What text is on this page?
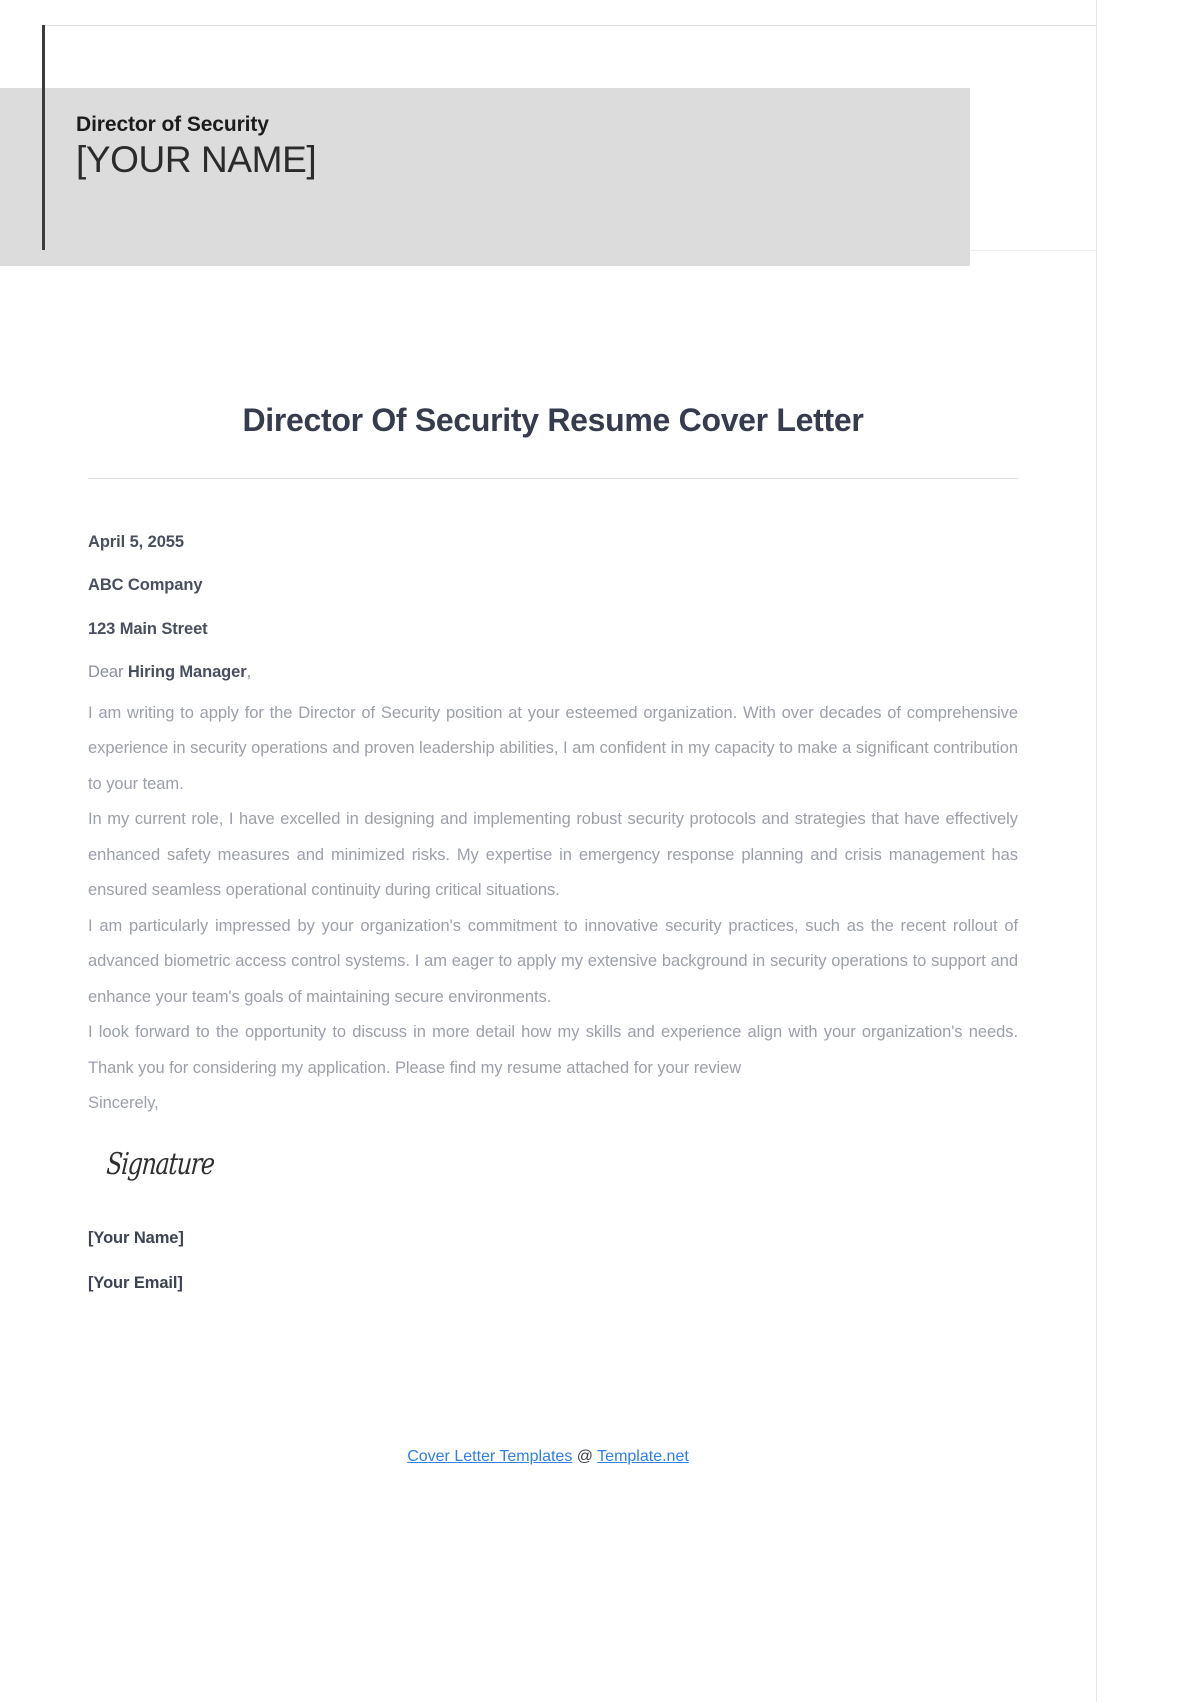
Director of Security

[YOUR NAME]

Director Of Security Resume Cover Letter

April 5, 2055

ABC Company

123 Main Street

Dear Hiring Manager,

I am writing to apply for the Director of Security position at your esteemed organization. With over decades of comprehensive experience in security operations and proven leadership abilities, I am confident in my capacity to make a significant contribution to your team.

In my current role, I have excelled in designing and implementing robust security protocols and strategies that have effectively enhanced safety measures and minimized risks. My expertise in emergency response planning and crisis management has ensured seamless operational continuity during critical situations.

I am particularly impressed by your organization's commitment to innovative security practices, such as the recent rollout of advanced biometric access control systems. I am eager to apply my extensive background in security operations to support and enhance your team's goals of maintaining secure environments.

I look forward to the opportunity to discuss in more detail how my skills and experience align with your organization's needs. Thank you for considering my application. Please find my resume attached for your review

Sincerely,

Signature

[Your Name]

[Your Email]

Cover Letter Templates @ Template.net
